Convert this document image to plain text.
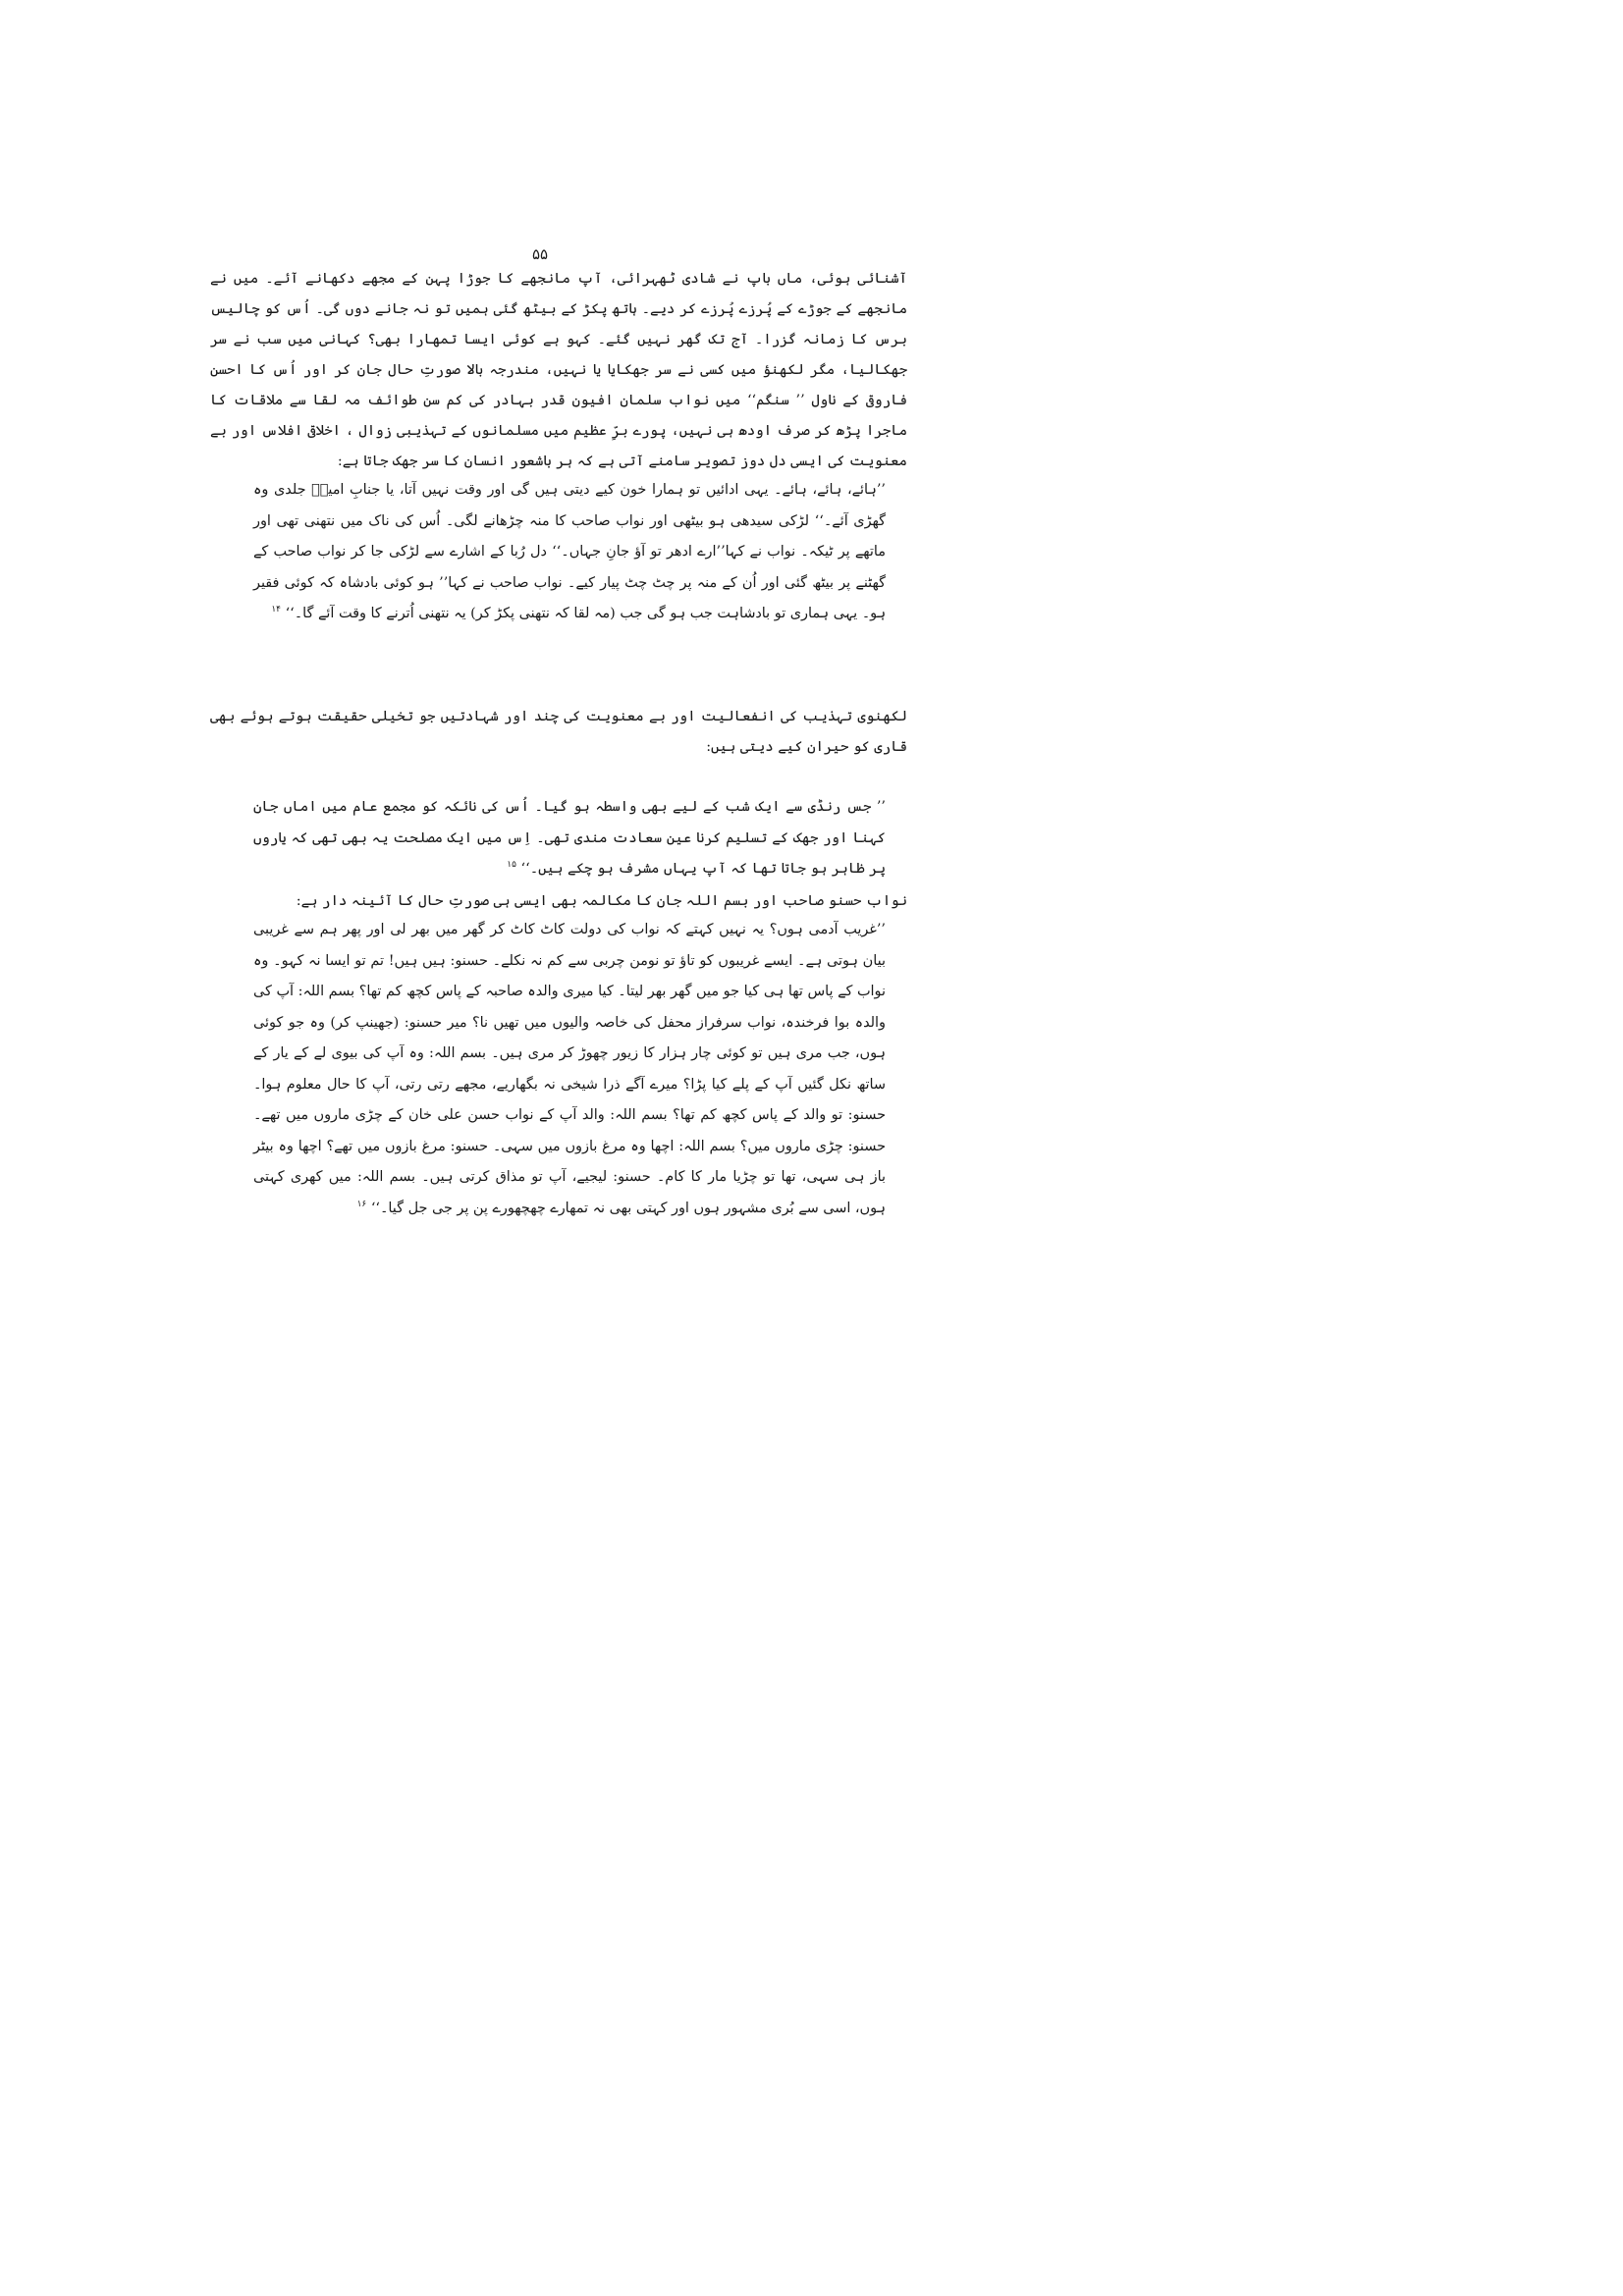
۵۵

آشنائی ہوئی، ماں باپ نے شادی ٹھہرائی، آپ مانجھے کا جوڑا پہن کے مجھے دکھانے آئے۔ میں نے مانجھے کے جوڑے کے پُرزے پُرزے کر دیے۔ ہاتھ پکڑ کے بیٹھ گئی ہمیں تو نہ جانے دوں گی۔ اُس کو چالیس برس کا زمانہ گزرا۔ آج تک گھر نہیں گئے۔ کہو ہے کوئی ایسا تمھارا بھی؟ کہانی میں سب نے سر جھکالیا، مگر لکھنؤ میں کسی نے سر جھکایا یا نہیں، مندرجہ بالا صورتِ حال جان کر اور اُس کا احسن فاروقی کے ناول ’’ سنگم‘‘ میں نواب سلمان افیون قدر بہادر کی کم سن طوائف مہ لقا سے ملاقات کا ماجرا پڑھ کر صرف اودھ ہی نہیں، پورے برِّ عظیم میں مسلمانوں کے تہذیبی زوال ، اخلاقی افلاس اور بے معنویت کی ایسی دل دوز تصویر سامنے آتی ہے کہ ہر باشعور انسان کا سر جھک جاتا ہے:

’’ہائے، ہائے، ہائے۔ یہی ادائیں تو ہمارا خون کیے دیتی ہیں گی اور وقت نہیں آتا، یا جنابِ امیرؑ جلدی وہ گھڑی آئے۔‘‘ لڑکی سیدھی ہو بیٹھی اور نواب صاحب کا منہ چڑھانے لگی۔ اُس کی ناک میں نتھنی تھی اور ماتھے پر ٹیکہ۔ نواب نے کہا’’ارے ادھر تو آؤ جانِ جہاں۔‘‘ دل رُبا کے اشارے سے لڑکی جا کر نواب صاحب کے گھٹنے پر بیٹھ گئی اور اُن کے منہ پر چٹ چٹ پیار کیے۔ نواب صاحب نے کہا’’ ہو کوئی بادشاہ کہ کوئی فقیر ہو۔ یہی ہماری تو بادشاہت جب ہو گی جب (مہ لقا کہ نتھنی پکڑ کر) یہ نتھنی اُترنے کا وقت آئے گا۔‘‘ $^{۱۴}$

لکھنوی تہذیب کی انفعالیت اور بے معنویت کی چند اور شہادتیں جو تخیلی حقیقت ہوتے ہوئے بھی قاری کو حیران کیے دیتی ہیں:

’’ جس رنڈی سے ایک شب کے لیے بھی واسطہ ہو گیا۔ اُس کی نائکہ کو مجمع عام میں اماں جان کہنا اور جھک کے تسلیم کرنا عین سعادت مندی تھی۔ اِس میں ایک مصلحت یہ بھی تھی کہ یاروں پر ظاہر ہو جاتا تھا کہ آپ یہاں مشرف ہو چکے ہیں۔‘‘ $^{۱۵}$

نواب حسنو صاحب اور بسم اللہ جان کا مکالمہ بھی ایسی ہی صورتِ حال کا آئینہ دار ہے:

’’غریب آدمی ہوں؟ یہ نہیں کہتے کہ نواب کی دولت کاٹ کاٹ کر گھر میں بھر لی اور پھر ہم سے غریبی بیان ہوتی ہے۔ ایسے غریبوں کو تاؤ تو نومن چربی سے کم نہ نکلے۔ حسنو: ہیں ہیں! تم تو ایسا نہ کہو۔ وہ نواب کے پاس تھا ہی کیا جو میں گھر بھر لیتا۔ کیا میری والدہ صاحبہ کے پاس کچھ کم تھا؟ بسم اللہ: آپ کی والدہ بوا فرخندہ، نواب سرفراز محفل کی خاصہ والیوں میں تھیں نا؟ میر حسنو: (جھینپ کر) وہ جو کوئی ہوں، جب مری ہیں تو کوئی چار ہزار کا زیور چھوڑ کر مری ہیں۔ بسم اللہ: وہ آپ کی بیوی لے کے یار کے ساتھ نکل گئیں آپ کے پلے کیا پڑا؟ میرے آگے ذرا شیخی نہ بگھاریے، مجھے رتی رتی، آپ کا حال معلوم ہوا۔ حسنو: تو والد کے پاس کچھ کم تھا؟ بسم اللہ: والد آپ کے نواب حسن علی خان کے چڑی ماروں میں تھے۔ حسنو: چڑی ماروں میں؟ بسم اللہ: اچھا وہ مرغ بازوں میں سہی۔ حسنو: مرغ بازوں میں تھے؟ اچھا وہ بیٹر باز ہی سہی، تھا تو چڑیا مار کا کام۔ حسنو: لیجیے، آپ تو مذاق کرتی ہیں۔ بسم اللہ: میں کھری کہتی ہوں، اسی سے بُری مشہور ہوں اور کہتی بھی نہ تمھارے چھچھورے پن پر جی جل گیا۔‘‘ $^{۱۶}$
